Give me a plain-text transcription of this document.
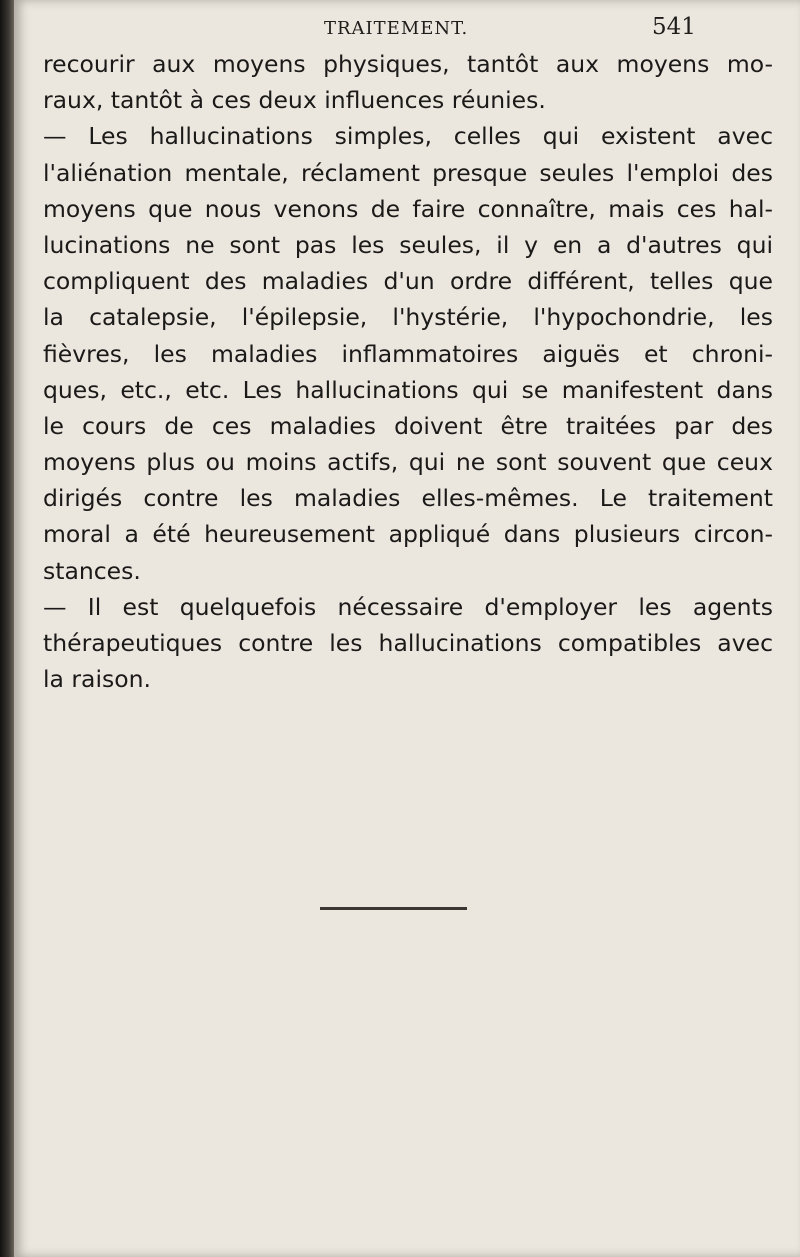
TRAITEMENT.	541
recourir aux moyens physiques, tantôt aux moyens mo-
raux, tantôt à ces deux influences réunies.
— Les hallucinations simples, celles qui existent avec
l'aliénation mentale, réclament presque seules l'emploi des
moyens que nous venons de faire connaître, mais ces hal-
lucinations ne sont pas les seules, il y en a d'autres qui
compliquent des maladies d'un ordre différent, telles que
la catalepsie, l'épilepsie, l'hystérie, l'hypochondrie, les
fièvres, les maladies inflammatoires aiguës et chroni-
ques, etc., etc. Les hallucinations qui se manifestent dans
le cours de ces maladies doivent être traitées par des
moyens plus ou moins actifs, qui ne sont souvent que ceux
dirigés contre les maladies elles-mêmes. Le traitement
moral a été heureusement appliqué dans plusieurs circon-
stances.
— Il est quelquefois nécessaire d'employer les agents
thérapeutiques contre les hallucinations compatibles avec
la raison.
